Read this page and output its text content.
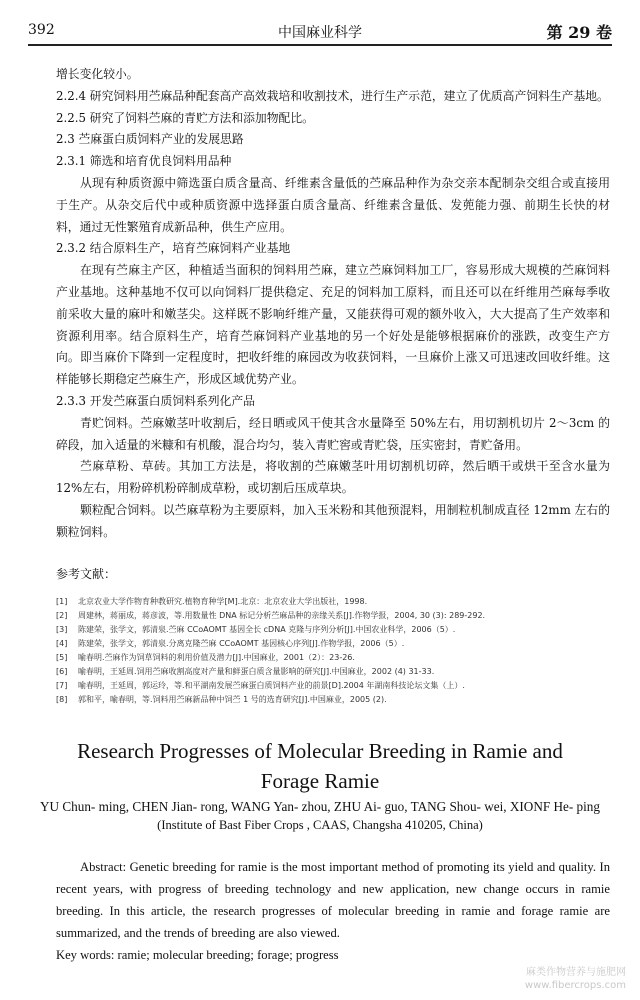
392	中国麻业科学	第 29 卷

增长变化较小。

2.2.4 研究饲料用苎麻品种配套高产高效栽培和收割技术，进行生产示范，建立了优质高产饲料生产基地。

2.2.5 研究了饲料苎麻的青贮方法和添加物配比。

2.3 苎麻蛋白质饲料产业的发展思路

2.3.1 筛选和培育优良饲料用品种

从现有种质资源中筛选蛋白质含量高、纤维素含量低的苎麻品种作为杂交亲本配制杂交组合或直接用于生产。从杂交后代中或种质资源中选择蛋白质含量高、纤维素含量低、发蔸能力强、前期生长快的材料，通过无性繁殖育成新品种，供生产应用。

2.3.2 结合原料生产，培育苎麻饲料产业基地

在现有苎麻主产区，种植适当面积的饲料用苎麻，建立苎麻饲料加工厂，容易形成大规模的苎麻饲料产业基地。这种基地不仅可以向饲料厂提供稳定、充足的饲料加工原料，而且还可以在纤维用苎麻每季收前采收大量的麻叶和嫩茎尖。这样既不影响纤维产量，又能获得可观的额外收入，大大提高了生产效率和资源利用率。结合原料生产，培育苎麻饲料产业基地的另一个好处是能够根据麻价的涨跌，改变生产方向。即当麻价下降到一定程度时，把收纤维的麻园改为收获饲料，一旦麻价上涨又可迅速改回收纤维。这样能够长期稳定苎麻生产，形成区域优势产业。

2.3.3 开发苎麻蛋白质饲料系列化产品

青贮饲料。苎麻嫩茎叶收割后，经日晒或风干使其含水量降至 50%左右，用切割机切片 2～3cm 的碎段，加入适量的米糠和有机酸，混合均匀，装入青贮窖或青贮袋，压实密封，青贮备用。

苎麻草粉、草砖。其加工方法是，将收割的苎麻嫩茎叶用切割机切碎，然后晒干或烘干至含水量为 12%左右，用粉碎机粉碎制成草粉，或切割后压成草块。

颗粒配合饲料。以苎麻草粉为主要原料，加入玉米粉和其他预混料，用制粒机制成直径 12mm 左右的颗粒饲料。

参考文献：

[1]	北京农业大学作物育种教研究.植物育种学[M].北京：北京农业大学出版社，1998.
[2]	周建林，蒋丽成，蒋彦波，等.用数量性 DNA 标记分析苎麻品种的亲缘关系[J].作物学报，2004, 30 (3): 289-292.
[3]	陈建荣，张学文，郭清泉.苎麻 CCoAOMT 基因全长 cDNA 克隆与序列分析[J].中国农业科学，2006（5）.
[4]	陈建荣，张学文，郭清泉.分离克隆苎麻 CCoAOMT 基因核心序列[J].作物学报，2006（5）.
[5]	喻春明.苎麻作为饲草饲料的利用价值及潜力[J].中国麻业，2001（2）：23-26.
[6]	喻春明，王延周.饲用苎麻收割高度对产量和鲜蛋白质含量影响的研究[J].中国麻业，2002 (4) 31-33.
[7]	喻春明，王延周，郭运玲，等.和平湖南发展苎麻蛋白质饲料产业的前景[D].2004 年湖南科技论坛文集（上）.
[8]	郭和平，喻春明，等.饲料用苎麻新品种中饲苎 1 号的选育研究[J].中国麻业，2005 (2).
Research Progresses of Molecular Breeding in Ramie and
Forage Ramie
YU Chun- ming, CHEN Jian- rong, WANG Yan- zhou, ZHU Ai- guo, TANG Shou- wei, XIONF He- ping
(Institute of Bast Fiber Crops , CAAS, Changsha 410205, China)

Abstract: Genetic breeding for ramie is the most important method of promoting its yield and quality. In recent years, with progress of breeding technology and new application, new change occurs in ramie breeding. In this article, the research progresses of molecular breeding in ramie and forage ramie are summarized, and the trends of breeding are also viewed.

Key words: ramie; molecular breeding; forage; progress

麻类作物营养与施肥网
www.fibercrops.com
